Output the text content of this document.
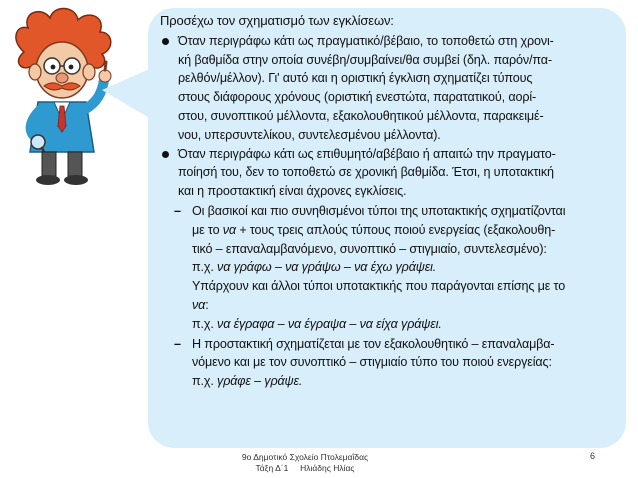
Προσέχω τον σχηματισμό των εγκλίσεων:
Όταν περιγράφω κάτι ως πραγματικό/βέβαιο, το τοποθετώ στη χρονι-
κή βαθμίδα στην οποία συνέβη/συμβαίνει/θα συμβεί (δηλ. παρόν/πα-
ρελθόν/μέλλον). Γι' αυτό και η οριστική έγκλιση σχηματίζει τύπους
στους διάφορους χρόνους (οριστική ενεστώτα, παρατατικού, αορί-
στου, συνοπτικού μέλλοντα, εξακολουθητικού μέλλοντα, παρακειμέ-
νου, υπερσυντελίκου, συντελεσμένου μέλλοντα).
Όταν περιγράφω κάτι ως επιθυμητό/αβέβαιο ή απαιτώ την πραγματο-
ποίησή του, δεν το τοποθετώ σε χρονική βαθμίδα. Έτσι, η υποτακτική
και η προστακτική είναι άχρονες εγκλίσεις.
– Οι βασικοί και πιο συνηθισμένοι τύποι της υποτακτικής σχηματίζονται
με το να + τους τρεις απλούς τύπους ποιού ενεργείας (εξακολουθη-
τικό – επαναλαμβανόμενο, συνοπτικό – στιγμιαίο, συντελεσμένο):
π.χ. να γράφω – να γράψω – να έχω γράψει.
Υπάρχουν και άλλοι τύποι υποτακτικής που παράγονται επίσης με το
να:
π.χ. να έγραφα – να έγραψα – να είχα γράψει.
– Η προστακτική σχηματίζεται με τον εξακολουθητικό – επαναλαμβα-
νόμενο και με τον συνοπτικό – στιγμιαίο τύπο του ποιού ενεργείας:
π.χ. γράφε – γράψε.
9ο Δημοτικό Σχολείο Πτολεμαΐδας
Τάξη Δ΄1     Ηλιάδης Ηλίας
6
